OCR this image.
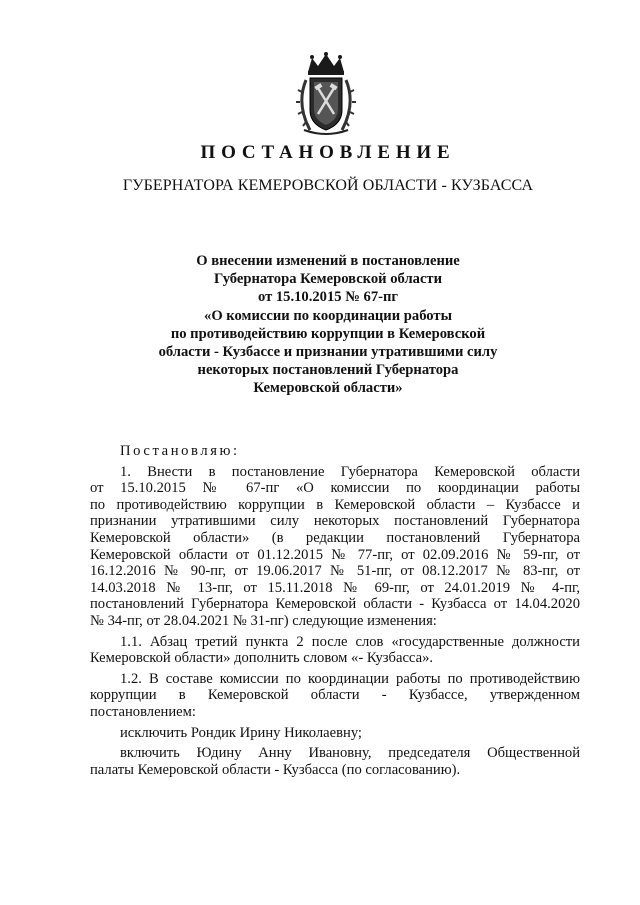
ПОСТАНОВЛЕНИЕ
ГУБЕРНАТОРА КЕМЕРОВСКОЙ ОБЛАСТИ - КУЗБАССА
О внесении изменений в постановление
Губернатора Кемеровской области
от 15.10.2015 № 67-пг
«О комиссии по координации работы
по противодействию коррупции в Кемеровской
области - Кузбассе и признании утратившими силу
некоторых постановлений Губернатора
Кемеровской области»

Постановляю:

1. Внести в постановление Губернатора Кемеровской области

от 15.10.2015 № 67-пг «О комиссии по координации работы

по противодействию коррупции в Кемеровской области – Кузбассе и

признании утратившими силу некоторых постановлений Губернатора

Кемеровской области» (в редакции постановлений Губернатора

Кемеровской области от 01.12.2015 № 77-пг, от 02.09.2016 № 59-пг, от

16.12.2016 № 90-пг, от 19.06.2017 № 51-пг, от 08.12.2017 № 83-пг, от

14.03.2018 № 13-пг, от 15.11.2018 № 69-пг, от 24.01.2019 № 4-пг,

постановлений Губернатора Кемеровской области - Кузбасса от 14.04.2020

№ 34-пг, от 28.04.2021 № 31-пг) следующие изменения:

1.1. Абзац третий пункта 2 после слов «государственные должности

Кемеровской области» дополнить словом «- Кузбасса».

1.2. В составе комиссии по координации работы по противодействию

коррупции в Кемеровской области - Кузбассе, утвержденном

постановлением:

исключить Рондик Ирину Николаевну;

включить Юдину Анну Ивановну, председателя Общественной

палаты Кемеровской области - Кузбасса (по согласованию).
